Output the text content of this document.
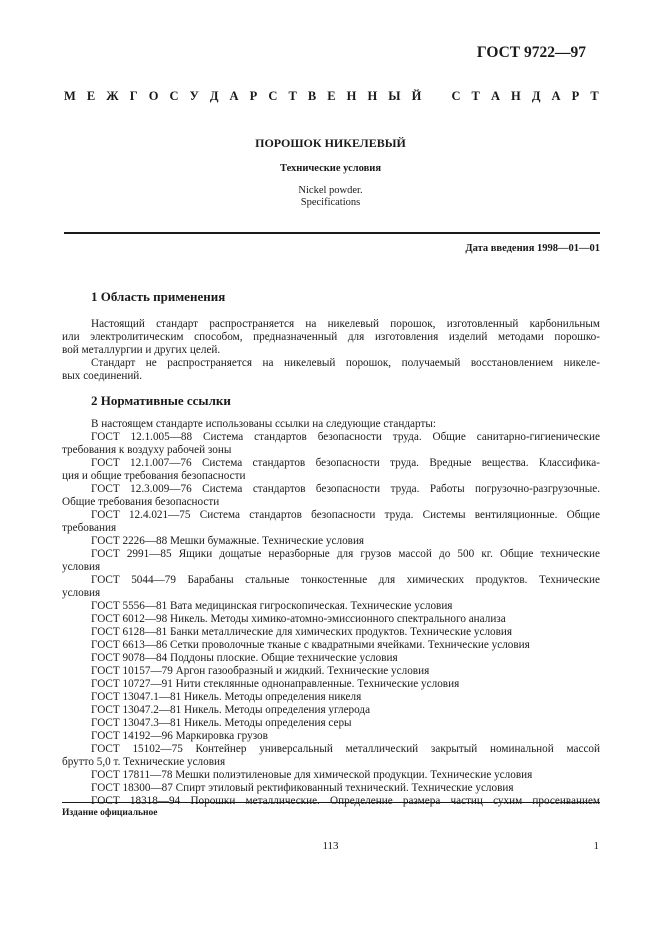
ГОСТ 9722—97
М Е Ж Г О С У Д А Р С Т В Е Н Н Ы Й С Т А Н Д А Р Т
ПОРОШОК НИКЕЛЕВЫЙ
Технические условия
Nickel powder.
Specifications
Дата введения 1998—01—01
1 Область применения
Настоящий стандарт распространяется на никелевый порошок, изготовленный карбонильным
или электролитическим способом, предназначенный для изготовления изделий методами порошко-
вой металлургии и других целей.
Стандарт не распространяется на никелевый порошок, получаемый восстановлением никеле-
вых соединений.
2 Нормативные ссылки
В настоящем стандарте использованы ссылки на следующие стандарты:
ГОСТ 12.1.005—88 Система стандартов безопасности труда. Общие санитарно-гигиенические
требования к воздуху рабочей зоны
ГОСТ 12.1.007—76 Система стандартов безопасности труда. Вредные вещества. Классифика-
ция и общие требования безопасности
ГОСТ 12.3.009—76 Система стандартов безопасности труда. Работы погрузочно-разгрузочные.
Общие требования безопасности
ГОСТ 12.4.021—75 Система стандартов безопасности труда. Системы вентиляционные. Общие
требования
ГОСТ 2226—88 Мешки бумажные. Технические условия
ГОСТ 2991—85 Ящики дощатые неразборные для грузов массой до 500 кг. Общие технические
условия
ГОСТ 5044—79 Барабаны стальные тонкостенные для химических продуктов. Технические
условия
ГОСТ 5556—81 Вата медицинская гигроскопическая. Технические условия
ГОСТ 6012—98 Никель. Методы химико-атомно-эмиссионного спектрального анализа
ГОСТ 6128—81 Банки металлические для химических продуктов. Технические условия
ГОСТ 6613—86 Сетки проволочные тканые с квадратными ячейками. Технические условия
ГОСТ 9078—84 Поддоны плоские. Общие технические условия
ГОСТ 10157—79 Аргон газообразный и жидкий. Технические условия
ГОСТ 10727—91 Нити стеклянные однонаправленные. Технические условия
ГОСТ 13047.1—81 Никель. Методы определения никеля
ГОСТ 13047.2—81 Никель. Методы определения углерода
ГОСТ 13047.3—81 Никель. Методы определения серы
ГОСТ 14192—96 Маркировка грузов
ГОСТ 15102—75 Контейнер универсальный металлический закрытый номинальной массой
брутто 5,0 т. Технические условия
ГОСТ 17811—78 Мешки полиэтиленовые для химической продукции. Технические условия
ГОСТ 18300—87 Спирт этиловый ректификованный технический. Технические условия
ГОСТ 18318—94 Порошки металлические. Определение размера частиц сухим просеиванием
Издание официальное
113	1
